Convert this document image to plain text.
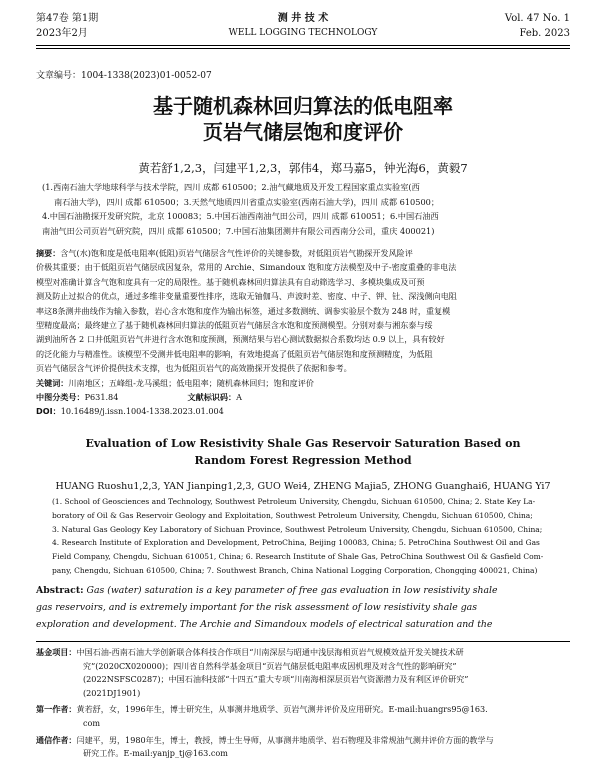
第47卷 第1期
2023年2月
测 井 技 术
WELL LOGGING TECHNOLOGY
Vol. 47 No. 1
Feb. 2023
文章编号：1004-1338(2023)01-0052-07
基于随机森林回归算法的低电阻率
页岩气储层饱和度评价
黄若舒1,2,3，闫建平1,2,3，郭伟4，郑马嘉5，钟光海6，黄毅7
(1.西南石油大学地球科学与技术学院，四川 成都 610500；2.油气藏地质及开发工程国家重点实验室(西
南石油大学)，四川 成都 610500；3.天然气地质四川省重点实验室(西南石油大学)，四川 成都 610500；
4.中国石油勘探开发研究院，北京 100083；5.中国石油西南油气田公司，四川 成都 610051；6.中国石油西
南油气田公司页岩气研究院，四川 成都 610500；7.中国石油集团测井有限公司西南分公司，重庆 400021)
摘要：含气(水)饱和度是低电阻率(低阻)页岩气储层含气性评价的关键参数，对低阻页岩气勘探开发风险评
价极其重要；由于低阻页岩气储层成因复杂，常用的 Archie、Simandoux 饱和度方法模型及中子-密度重叠的非电法
模型对准确计算含气饱和度具有一定的局限性。基于随机森林回归算法具有自动筛选学习、多模块集成及可预
测及防止过拟合的优点，通过多维非变量重要性排序，选取无铀伽马、声波时差、密度、中子、钾、钍、深浅侧向电阻
率这8条测井曲线作为输入参数，岩心含水饱和度作为输出标签，通过多数测统、调参实验层个数为 248 时，重复模
型精度最高；最终建立了基于随机森林回归算法的低阻页岩气储层含水饱和度预测模型。分别对泰与湘东泰与绥
湖到油所各 2 口井低阻页岩气井进行含水饱和度预测，预测结果与岩心测试数据拟合系数均达 0.9 以上，具有较好
的泛化能力与精准性。该模型不受测井低电阻率的影响，有效地提高了低阻页岩气储层饱和度预测精度，为低阻
页岩气储层含气评价提供技术支撑，也为低阻页岩气的高效勘探开发提供了依据和参考。
关键词：川南地区；五峰组-龙马溪组；低电阻率；随机森林回归；饱和度评价
中图分类号：P631.84	文献标识码：A
DOI：10.16489/j.issn.1004-1338.2023.01.004
Evaluation of Low Resistivity Shale Gas Reservoir Saturation Based on
Random Forest Regression Method
HUANG Ruoshu1,2,3, YAN Jianping1,2,3, GUO Wei4, ZHENG Majia5, ZHONG Guanghai6, HUANG Yi7
(1. School of Geosciences and Technology, Southwest Petroleum University, Chengdu, Sichuan 610500, China; 2. State Key La-
boratory of Oil & Gas Reservoir Geology and Exploitation, Southwest Petroleum University, Chengdu, Sichuan 610500, China;
3. Natural Gas Geology Key Laboratory of Sichuan Province, Southwest Petroleum University, Chengdu, Sichuan 610500, China;
4. Research Institute of Exploration and Development, PetroChina, Beijing 100083, China; 5. PetroChina Southwest Oil and Gas
Field Company, Chengdu, Sichuan 610051, China; 6. Research Institute of Shale Gas, PetroChina Southwest Oil & Gasfield Com-
pany, Chengdu, Sichuan 610500, China; 7. Southwest Branch, China National Logging Corporation, Chongqing 400021, China)
Abstract: Gas (water) saturation is a key parameter of free gas evaluation in low resistivity shale
gas reservoirs, and is extremely important for the risk assessment of low resistivity shale gas
exploration and development. The Archie and Simandoux models of electrical saturation and the
基金项目：中国石油-西南石油大学创新联合体科技合作项目“川南深层与昭通中浅层海相页岩气规模效益开发关键技术研
究”(2020CX020000)；四川省自然科学基金项目“页岩气储层低电阻率成因机理及对含气性的影响研究”
(2022NSFSC0287)；中国石油科技部“十四五”重大专项“川南海相深层页岩气资源潜力及有利区评价研究”
(2021DJ1901)
第一作者：黄若舒，女，1996年生，博士研究生，从事测井地质学、页岩气测井评价及应用研究。E-mail:huangrs95@163.
com
通信作者：闫建平，男，1980年生，博士，教授，博士生导师，从事测井地质学、岩石物理及非常规油气测井评价方面的教学与
研究工作。E-mail:yanjp_tj@163.com
